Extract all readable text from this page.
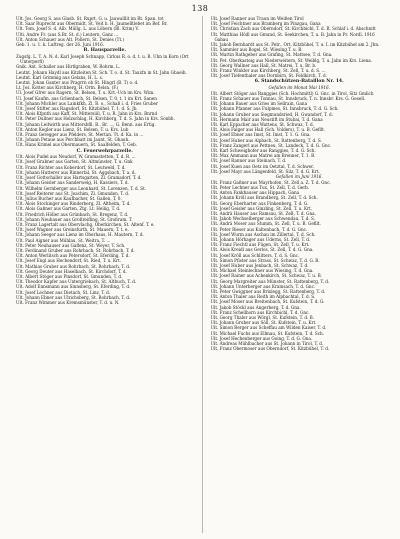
138

Ult. Jos. Georg S. aus Glasb. St. Ruprt. G. u. Jauwalllit im Rt. Span. tot

Ult. Saar Ruprecht aus Obermidt, St. Veit b. H. Jaumelltlebet im Ref. Br.

Ult. Tom. Josef S. d. Alb. Müllg. L. aus Löbern (Bl. Krim) V.

Ulti. Andre Fr. (aus S.Br. St. d.) Leutern, Ganz ...

Ult. Anton Schauer aus Alt. Pollern, St. Denies (Tt.)

Geb. 1. u. 1. k. Luftreg. der 26. Juni 1916.

B. Hausparzelle.

Zugsfg. L. T. A. N. d. Karl Joseph Schnapp, Cirkus R. o. d. t. u. B. Uhn in Korn (Ort Unterperfl)

Gnik. Ant. Schaller aus Hirtlgraben, W. Rohrm. L.

Leutnt. Johann Haydl aus Kitzleiten St. Sch. T. o. d. St. Tauxfn in St. Jahn Gbaeih.

Leutnt. Karl Grimmig aus Gelans, H. L. s.

Leutnt. Johan Ganter aus Pragrrn ob St. Hingrl (B. T) o. d.

Lt. Jos. Kotter aus Kirchberg, H. Ortn. Belsn. (F.)

Ul. Josef Gfrer aus Ragern, St. Belsen, T. u. Krt.-Uch im Krs. Wim.

Ul. Josef Kaufm. aus Grlienbach, St. Belsen, T. 0, t. 1 im Krt. Sanen

Ult. Johann Michler aus Lainkfkh, Zl. B. o., Schaß i. d. Fries Gruber

Ult. Josef Stifter aus Ragsdorf, St. Kitzbühel, T. 1. d. S. Jb.

Ult. Alois Kfpnth aus Kaff, St. Mittersiiil, T. u. R. Jahn in Krs. Bnrnd

Ult. Peter Dullner aus Holzschlag, H. Kirchberg, T. d. S. Jahn in Krs. Sonbh.

Ult. Johann Leitwirth aus Mittersbfll, B.. Br. ..., G. Benn. aus Ertig.

Ult. Anton Kegler aus Lienz, St. Belsen, T. u. Krs. Lub

Ult. Franz Geregger aus Pfelders, St. Mertan. Tt. d. Ka. in ...

Ult. Johann Petaue aus Perchbatt im Jaunt, St. Ghauh.

Ult. Hans Krimel aus Obermauern, St. Saalfelden, T. Geb.

C. Feuerwehrparzelle.

Ult. Alois Pudel aus Neudorf, W. Gramastetten, T. d. R. ...

Ult. Josef Grabner aus Garten, St. Altmünster, T. u. Gnk

Ult. Franz Richter aus Koberdorf, St. Leutweld, T. d.

Ult. Johann Hutterer aus Rinnertal, St. Aggsbach, T. a. d.

Ult. Josef Gottschaller aus Hartsgarten, Zl. Gramadorf, T. d.

Ult. Johann Geisler aus Sanderwelg, H. Kassiers, T. d.

Ult. Wilhelm Gernberger aus Leonhard, St. Lorenzen, T. d. St.

Ult. Josef Reiterer aus St. Joachim, Zl. Gmunden, T. d.

Ult. Julius Bucher aus Kaufbacher, St. Gallen, T. 0.

Ult. Alois Stockinger aus Rinderberg, Zl. Altheim, T. d.

Ult. Alois Gaßner aus Garten, Ztg. Lt. Heilig, T. d.

Ult. Friedrich Höller aus Grünbach, St. Bregenz, T. d.

Ult. Johann Neubauer aus Großreifling, St. Großram. T.

Ult. Franz Lagertalt aus Obervlachg, Oberkirchen, St. Altenf. T. e.

Ult. Josef Wagner aus Greinsfurth, St. Mauern, T. t. e.

Ult. Johann Seeger aus Lienz im Oberhaus, H. Mautern, T. d.

Ult. Paul Aigner aus Mühlau, St. Weitra, T. ...

Ult. Peter Neuhauser aus Gaflenz, St. Weyer, T. Sch.

Ult. Ferdinand Gruber aus Rohrbach, St. Rohrbach, T. d.

Ult. Anton Werlitsch aus Petersdorf, St. Eferding, T. d.

Ult. Josef Engl aus Hechendorf, St. Ried, T. u. Krt.

Ult. Mathias Gruber aus Rohrbach, St. Rohrbach, T. d.

Ult. Georg Deuter aus Haselbach, St. Kirchdorf, T. d.

Ult. Albert Stöger aus Pinsdorf, St. Gmunden, T. d.

Ult. Theodor Kapfer aus Untergriebach, St. Altbuch, T. d.

Ult. Adolf Ennsmann aus Sinnsberg, St. Eferding, T. d.

Ult. Josef Lechner aus Dietach, St. Linz, T. d.

Ult. Johann Ebner aus Ulrichsberg, St. Rohrbach, T. d.

Ult. Franz Wimmer aus Kremsmünster, T. d. u. N.

Ult. Josef Ranner aus Traun im Weißen Tirol

Ult. Josef Feichtner aus Bramberg im Pinzgau, Gana

Ult. Christian Zach aus Oberndorf, St. Kirchbichl, T. d. R. Schlaf i. d. Abschnitt

Ult. Matthias Hödl aus Gmund, St. Seekirchen, T. u. B. Jahn in Pr. Nordl. 1916 Gabau

Ult. Jakob Bernhardt aus St. Petr., Ort. Kitzbühel, T. u. I. im Kitzbühel am 2. Jhn.

Ult. Sammler aus Bogel, St. Wiesing T. u. B.

Ult. Martin Rathgeber ans Grafing, St. Mattsee, T. d. Gna.

Ult. Pet. Oberkasteig aus Niederweitern, St. Weiblg, T. u. Jahn im Krs. Liena.

Ult. Georg Wallner aus Hall, St. Matrei, T. u. Br. b.

Ult. Franz Winkler aus Kirchberg, St. Zell, T. u. d. S. ...

Ult. Josef Tiefenthaler aus Dornbirn, St. Feldkirch, T. d.

6. Standschützen-Bataillon Nr. 14.
Gefallen im Monat Mai 1916.

Ult. Albert Stöger aus Ranggies (Sch. Hochmittl) G. Gnc. in Tirol, Sitz Gmlich

Ult. Franz Schauer aus Tonnau, St. Innsbruck, T. n. Innsbr. Krs. G. Gesell.

Ult. Johann Bauer aus Gries im Sellrain, Gana

Ult. Johann Pfanner aus Fulpmes, St. Innsbruck, T. d. G. Sch.

Ult. Johann Gruber aus Siegmundsried, H. Gwandorf, T. d.

Ult. Hermann Mair aus Neustift im Stubai, T. d. Gana

Ult. Karl Eppacher aus Wattens, St. Schwaz, T. d.

Ult. Alois Falger aus Hall (Sch. Volders), T. u. B. Gefllt.

Ult. Josef Ebner aus Imst, St. Imst, T. 1. G. Gna.

Ult. Josef Huber aus Alpbach, St. Rattenberg, T. d. S.

Ult. Franz Zangerl aus Pettneu, St. Landeck, T. d. G. Gnc.

Ult. Karl Schweighofer aus Ranggies, T. d. G. Sch.

Ult. Max Ammann aus Matrei am Brenner, T. 1. B.

Ult. Josef Ranner aus Steinach, T. d.

Ult. Josef Kuen aus Oetz im Oetztal, T. d. Schwer.

Ult. Josef Mayr aus Längenfeld, St. Silz, T. d. G. Krt.

Gefallen im Juni 1916.

Ult. Franz Gaßner aus Mayrhofen, St. Zell a. Z. T. d. Gnc.

Ult. Peter Lechner aus Tux, St. Zell, T. d. Gerb.

Ult. Anton Fankhauser aus Hippach, Gana

Ult. Johann Kröll aus Brandberg, St. Zell, T. d. Sch.

Ult. Georg Eberharter aus Finkenberg, T. d. G.

Ult. Josef Geisler aus Ginzling, St. Zell, T. u. Krt.

Ult. Andrä Hauser aus Ramsau, St. Zell, T. d. Gna.

Ult. Jakob Wechselberger aus Schwendau, T. d. S.

Ult. Andrä Moser aus Stumm, St. Zell, T. u. B. Gefllt.

Ult. Peter Rieser aus Kaltenbach, T. d. G. Gnc.

Ult. Josef Wurm aus Aschau im Zillertal, T. d. Sch.

Ult. Johann Hörhager aus Uderns, St. Zell, T. d.

Ult. Franz Fiechtl aus Fügen, St. Zell, T. u. Krt.

Ult. Alois Kreidl aus Gerlos, St. Zell, T. d. G. Gna.

Ult. Josef Kröll aus Schlitters, T. d. S. Gnc.

Ult. Simon Pfister aus Strass, St. Schwaz, T. d. G. B.

Ult. Josef Huber aus Jenbach, St. Schwaz, T. d.

Ult. Michael Steinlechner aus Wiesing, T. d. Gna.

Ult. Josef Rainer aus Achenkirch, St. Schwaz, T. u. B.

Ult. Georg Margreiter aus Münster, St. Rattenberg, T. d.

Ult. Johann Unterberger aus Kramsach, T. d. Gnc.

Ult. Peter Gwiggner aus Brixlegg, St. Rattenberg, T. d.

Ult. Anton Thaler aus Reith im Alpbachtal, T. d. S.

Ult. Josef Moser aus Breitenbach, St. Kufstein, T. d. G.

Ult. Jakob Stöckl aus Angerberg, T. d. Gna.

Ult. Franz Schellhorn aus Kirchbichl, T. d. Gnc.

Ult. Georg Thaler aus Wörgl, St. Kufstein, T. d. B.

Ult. Johann Gruber aus Söll, St. Kufstein, T. u. Krt.

Ult. Simon Berger aus Scheffau am Wilden Kaiser, T. d.

Ult. Michael Fuchs aus Ellmau, St. Kufstein, T. d. Sch.

Ult. Josef Hechenberger aus Going, T. d. G. Gna.

Ult. Andreas Mühlbacher aus St. Johann in Tirol, T. d.

Ult. Franz Obermoser aus Oberndorf, St. Kitzbühel, T. d.
